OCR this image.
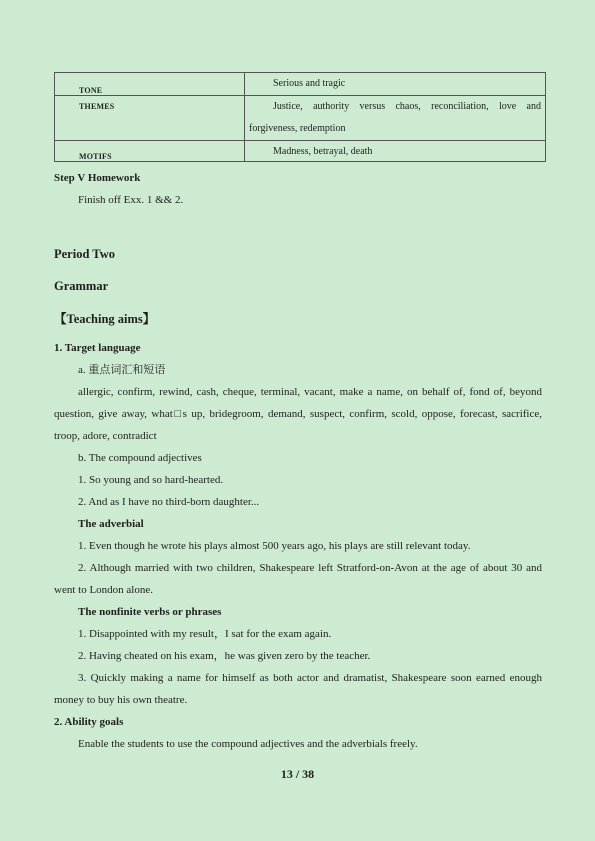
TONE	Serious and tragic
THEMES	Justice, authority versus chaos, reconciliation, love and forgiveness, redemption
MOTIFS	Madness, betrayal, death
Step V Homework
Finish off Exx. 1 && 2.
Period Two
Grammar
【Teaching aims】
1. Target language
a. 重点词汇和短语
allergic, confirm, rewind, cash, cheque, terminal, vacant, make a name, on behalf of, fond of, beyond question, give away, what□s up, bridegroom, demand, suspect, confirm, scold, oppose, forecast, sacrifice, troop, adore, contradict
b. The compound adjectives
1. So young and so hard-hearted.
2. And as I have no third-born daughter...
The adverbial
1. Even though he wrote his plays almost 500 years ago, his plays are still relevant today.
2. Although married with two children, Shakespeare left Stratford-on-Avon at the age of about 30 and went to London alone.
The nonfinite verbs or phrases
1. Disappointed with my result，I sat for the exam again.
2. Having cheated on his exam，he was given zero by the teacher.
3. Quickly making a name for himself as both actor and dramatist, Shakespeare soon earned enough money to buy his own theatre.
2. Ability goals
Enable the students to use the compound adjectives and the adverbials freely.
13 / 38
